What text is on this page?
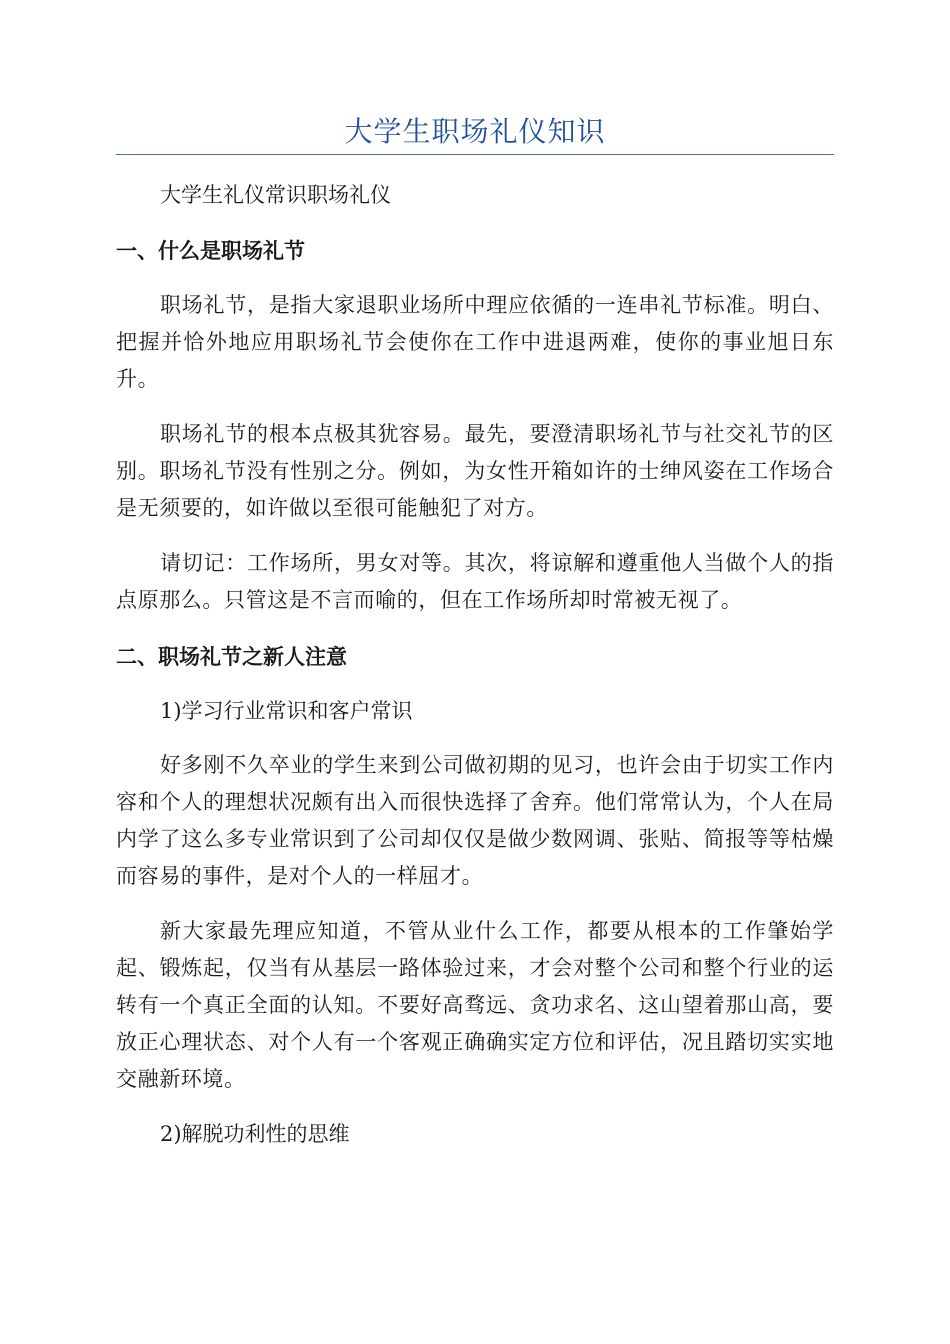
大学生职场礼仪知识

大学生礼仪常识职场礼仪

一、什么是职场礼节

职场礼节，是指大家退职业场所中理应依循的一连串礼节标准。明白、把握并恰外地应用职场礼节会使你在工作中进退两难，使你的事业旭日东升。

职场礼节的根本点极其犹容易。最先，要澄清职场礼节与社交礼节的区别。职场礼节没有性别之分。例如，为女性开箱如许的士绅风姿在工作场合是无须要的，如许做以至很可能触犯了对方。

请切记：工作场所，男女对等。其次，将谅解和遵重他人当做个人的指点原那么。只管这是不言而喻的，但在工作场所却时常被无视了。

二、职场礼节之新人注意

1)学习行业常识和客户常识

好多刚不久卒业的学生来到公司做初期的见习，也许会由于切实工作内容和个人的理想状况颇有出入而很快选择了舍弃。他们常常认为，个人在局内学了这么多专业常识到了公司却仅仅是做少数网调、张贴、简报等等枯燥而容易的事件，是对个人的一样屈才。

新大家最先理应知道，不管从业什么工作，都要从根本的工作肇始学起、锻炼起，仅当有从基层一路体验过来，才会对整个公司和整个行业的运转有一个真正全面的认知。不要好高骛远、贪功求名、这山望着那山高，要放正心理状态、对个人有一个客观正确确实定方位和评估，况且踏切实实地交融新环境。

2)解脱功利性的思维
